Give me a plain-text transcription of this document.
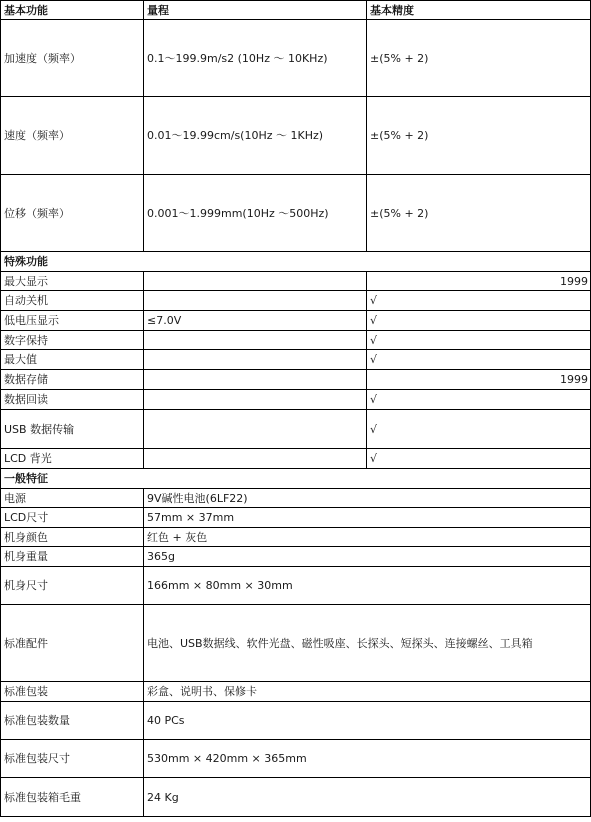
基本功能	量程	基本精度
加速度（频率）	0.1～199.9m/s2 (10Hz ～ 10KHz)	±(5% + 2)
速度（频率）	0.01～19.99cm/s(10Hz ～ 1KHz)	±(5% + 2)
位移（频率）	0.001～1.999mm(10Hz ～500Hz)	±(5% + 2)
特殊功能		
最大显示		1999
自动关机		√
低电压显示	≤7.0V	√
数字保持		√
最大值		√
数据存储		1999
数据回读		√
USB 数据传输		√
LCD 背光		√
一般特征		
电源	9V碱性电池(6LF22)	
LCD尺寸	57mm × 37mm	
机身颜色	红色 + 灰色	
机身重量	365g	
机身尺寸	166mm × 80mm × 30mm	
标准配件	电池、USB数据线、软件光盘、磁性吸座、长探头、短探头、连接螺丝、工具箱	
标准包装	彩盒、说明书、保修卡	
标准包装数量	40 PCs	
标准包装尺寸	530mm × 420mm × 365mm	
标准包装箱毛重	24 Kg	
